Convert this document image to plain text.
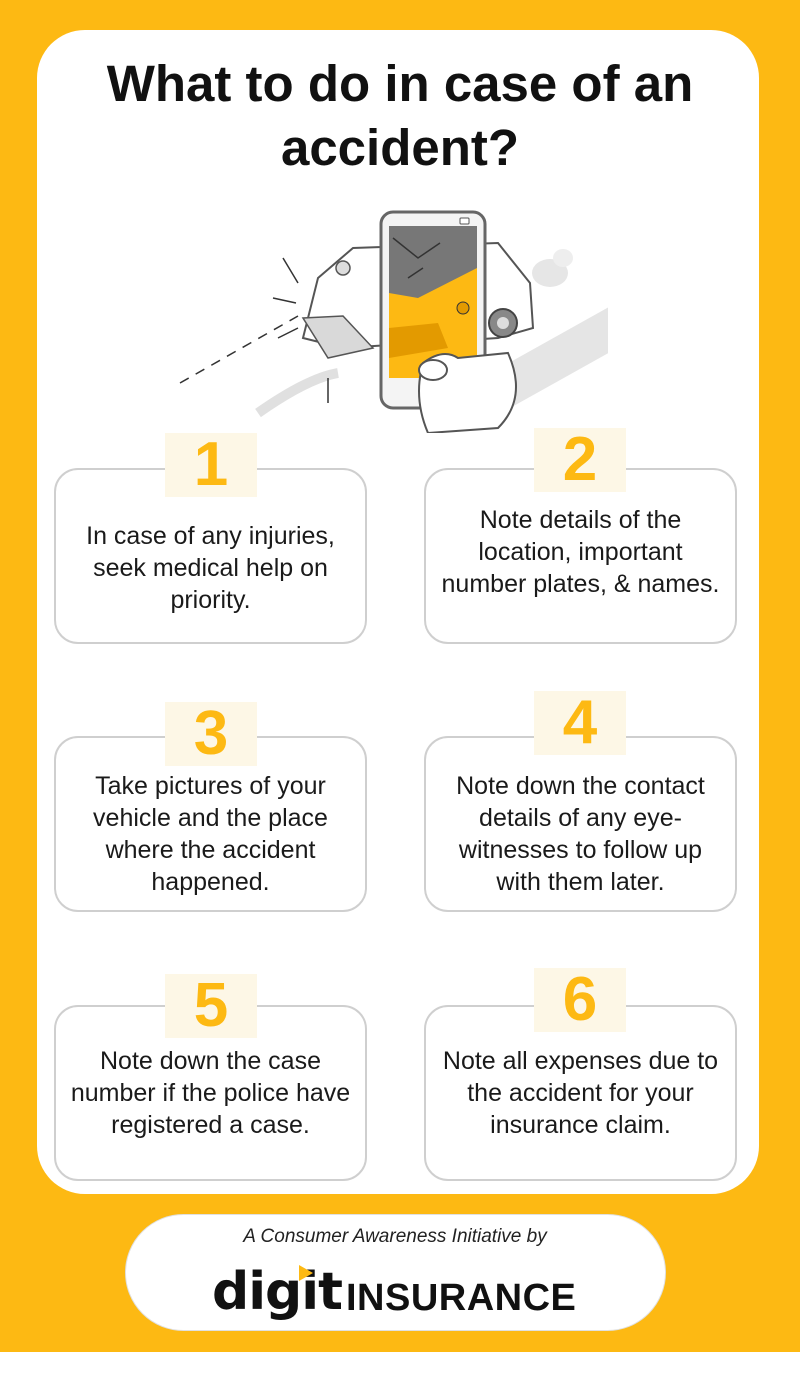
What to do in case of an
accident?
In case of any injuries, seek medical help on priority.
1
Note details of the location, important number plates, & names.
2
Take pictures of your vehicle and the place where the accident happened.
3
Note down the contact details of any eye-witnesses to follow up with them later.
4
Note down the case number if the police have registered a case.
5
Note all expenses due to the accident for your insurance claim.
6
A Consumer Awareness Initiative by
digit INSURANCE
